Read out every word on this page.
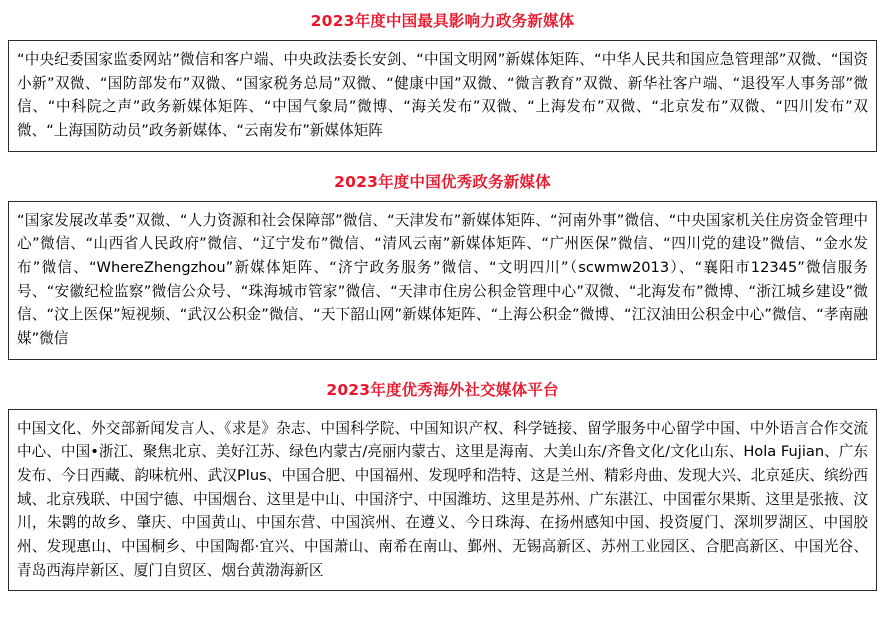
2023年度中国最具影响力政务新媒体
“中央纪委国家监委网站”微信和客户端、中央政法委长安剑、“中国文明网”新媒体矩阵、“中华人民共和国应急管理部”双微、“国资小新”双微、“国防部发布”双微、“国家税务总局”双微、“健康中国”双微、“微言教育”双微、新华社客户端、“退役军人事务部”微信、“中科院之声”政务新媒体矩阵、“中国气象局”微博、“海关发布”双微、“上海发布”双微、“北京发布”双微、“四川发布”双微、“上海国防动员”政务新媒体、“云南发布”新媒体矩阵
2023年度中国优秀政务新媒体
“国家发展改革委”双微、“人力资源和社会保障部”微信、“天津发布”新媒体矩阵、“河南外事”微信、“中央国家机关住房资金管理中心”微信、“山西省人民政府”微信、“辽宁发布”微信、“清风云南”新媒体矩阵、“广州医保”微信、“四川党的建设”微信、“金水发布”微信、“WhereZhengzhou”新媒体矩阵、“济宁政务服务”微信、“文明四川”（scwmw2013）、“襄阳市12345”微信服务号、“安徽纪检监察”微信公众号、“珠海城市管家”微信、“天津市住房公积金管理中心”双微、“北海发布”微博、“浙江城乡建设”微信、“汶上医保”短视频、“武汉公积金”微信、“天下韶山网”新媒体矩阵、“上海公积金”微博、“江汉油田公积金中心”微信、“孝南融媒”微信
2023年度优秀海外社交媒体平台
中国文化、外交部新闻发言人、《求是》杂志、中国科学院、中国知识产权、科学链接、留学服务中心留学中国、中外语言合作交流中心、中国•浙江、聚焦北京、美好江苏、绿色内蒙古/亮丽内蒙古、这里是海南、大美山东/齐鲁文化/文化山东、Hola Fujian、广东发布、今日西藏、韵味杭州、武汉Plus、中国合肥、中国福州、发现呼和浩特、这是兰州、精彩舟曲、发现大兴、北京延庆、缤纷西域、北京残联、中国宁德、中国烟台、这里是中山、中国济宁、中国潍坊、这里是苏州、广东湛江、中国霍尔果斯、这里是张掖、汶川，朱鹮的故乡、肇庆、中国黄山、中国东营、中国滨州、在遵义、今日珠海、在扬州感知中国、投资厦门、深圳罗湖区、中国胶州、发现惠山、中国桐乡、中国陶都·宜兴、中国萧山、南希在南山、鄞州、无锡高新区、苏州工业园区、合肥高新区、中国光谷、青岛西海岸新区、厦门自贸区、烟台黄渤海新区
